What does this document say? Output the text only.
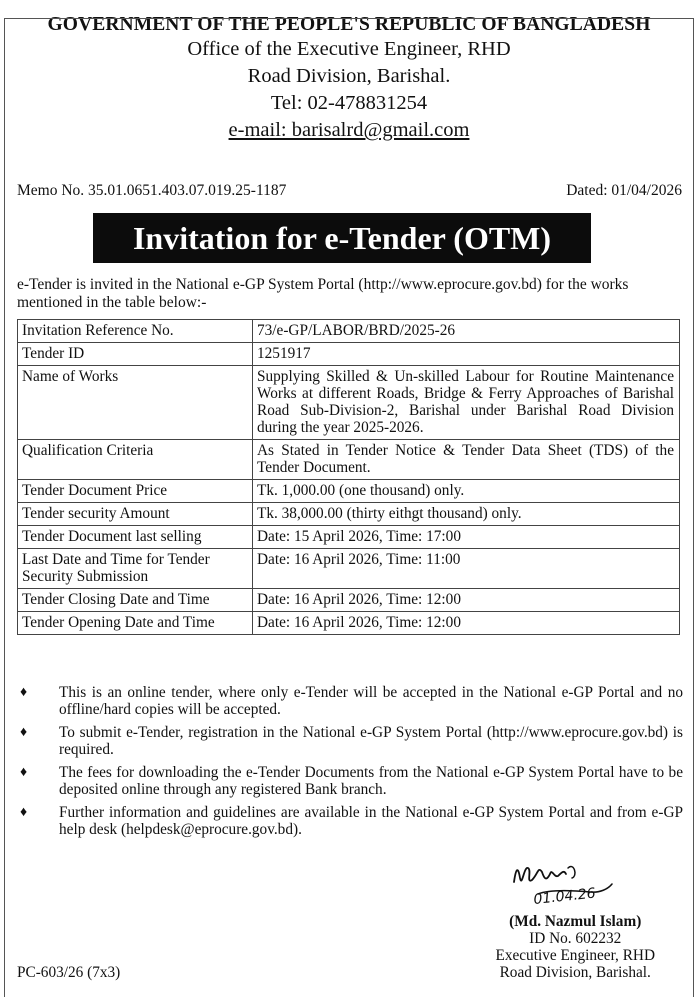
GOVERNMENT OF THE PEOPLE'S REPUBLIC OF BANGLADESH
Office of the Executive Engineer, RHD
Road Division, Barishal.
Tel: 02-478831254
e-mail: barisalrd@gmail.com
Memo No. 35.01.0651.403.07.019.25-1187	Dated: 01/04/2026
Invitation for e-Tender (OTM)
e-Tender is invited in the National e-GP System Portal (http://www.eprocure.gov.bd) for the works mentioned in the table below:-
Invitation Reference No.	73/e-GP/LABOR/BRD/2025-26
Tender ID	1251917
Name of Works	Supplying Skilled & Un-skilled Labour for Routine Maintenance Works at different Roads, Bridge & Ferry Approaches of Barishal Road Sub-Division-2, Barishal under Barishal Road Division during the year 2025-2026.
Qualification Criteria	As Stated in Tender Notice & Tender Data Sheet (TDS) of the Tender Document.
Tender Document Price	Tk. 1,000.00 (one thousand) only.
Tender security Amount	Tk. 38,000.00 (thirty eithgt thousand) only.
Tender Document last selling	Date: 15 April 2026, Time: 17:00
Last Date and Time for Tender Security Submission	Date: 16 April 2026, Time: 11:00
Tender Closing Date and Time	Date: 16 April 2026, Time: 12:00
Tender Opening Date and Time	Date: 16 April 2026, Time: 12:00
♦	This is an online tender, where only e-Tender will be accepted in the National e-GP Portal and no offline/hard copies will be accepted.
♦	To submit e-Tender, registration in the National e-GP System Portal (http://www.eprocure.gov.bd) is required.
♦	The fees for downloading the e-Tender Documents from the National e-GP System Portal have to be deposited online through any registered Bank branch.
♦	Further information and guidelines are available in the National e-GP System Portal and from e-GP help desk (helpdesk@eprocure.gov.bd).
01.04.26
(Md. Nazmul Islam)
ID No. 602232
Executive Engineer, RHD
Road Division, Barishal.
PC-603/26 (7x3)
